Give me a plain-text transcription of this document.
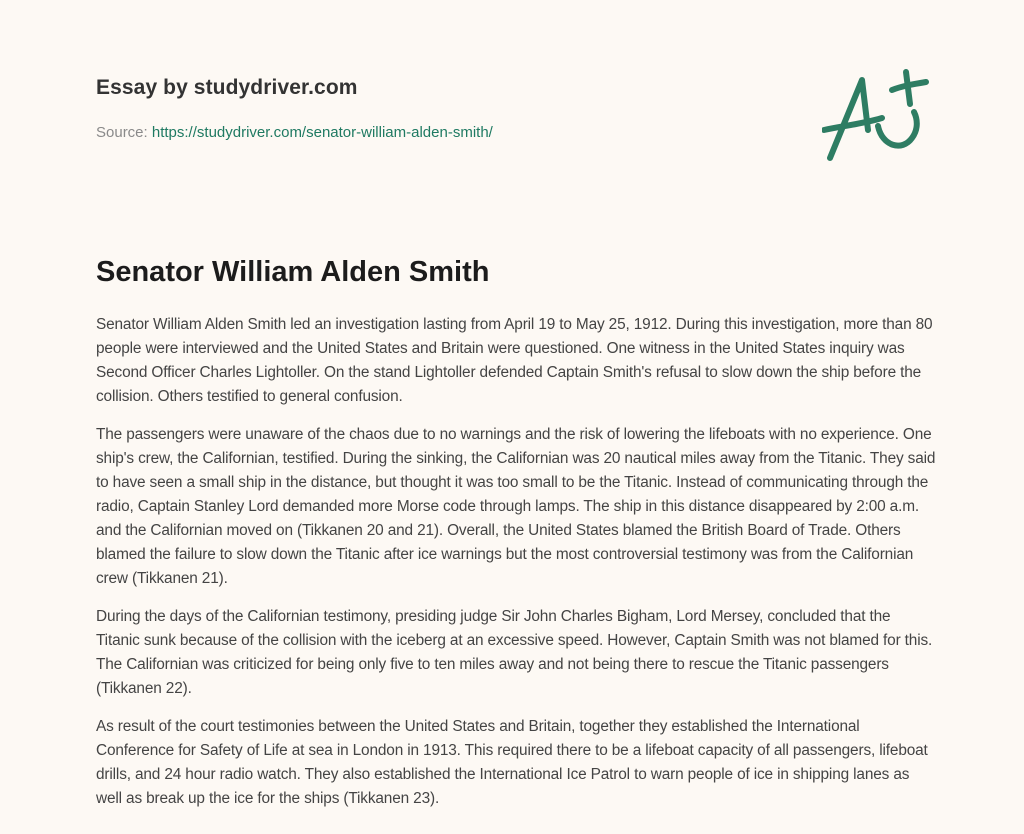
Essay by studydriver.com
Source: https://studydriver.com/senator-william-alden-smith/
Senator William Alden Smith

Senator William Alden Smith led an investigation lasting from April 19 to May 25, 1912. During this investigation, more than 80 people were interviewed and the United States and Britain were questioned. One witness in the United States inquiry was Second Officer Charles Lightoller. On the stand Lightoller defended Captain Smith's refusal to slow down the ship before the collision. Others testified to general confusion.

The passengers were unaware of the chaos due to no warnings and the risk of lowering the lifeboats with no experience. One ship's crew, the Californian, testified. During the sinking, the Californian was 20 nautical miles away from the Titanic. They said to have seen a small ship in the distance, but thought it was too small to be the Titanic. Instead of communicating through the radio, Captain Stanley Lord demanded more Morse code through lamps. The ship in this distance disappeared by 2:00 a.m. and the Californian moved on (Tikkanen 20 and 21). Overall, the United States blamed the British Board of Trade. Others blamed the failure to slow down the Titanic after ice warnings but the most controversial testimony was from the Californian crew (Tikkanen 21).

During the days of the Californian testimony, presiding judge Sir John Charles Bigham, Lord Mersey, concluded that the Titanic sunk because of the collision with the iceberg at an excessive speed. However, Captain Smith was not blamed for this. The Californian was criticized for being only five to ten miles away and not being there to rescue the Titanic passengers (Tikkanen 22).

As result of the court testimonies between the United States and Britain, together they established the International Conference for Safety of Life at sea in London in 1913. This required there to be a lifeboat capacity of all passengers, lifeboat drills, and 24 hour radio watch. They also established the International Ice Patrol to warn people of ice in shipping lanes as well as break up the ice for the ships (Tikkanen 23).
